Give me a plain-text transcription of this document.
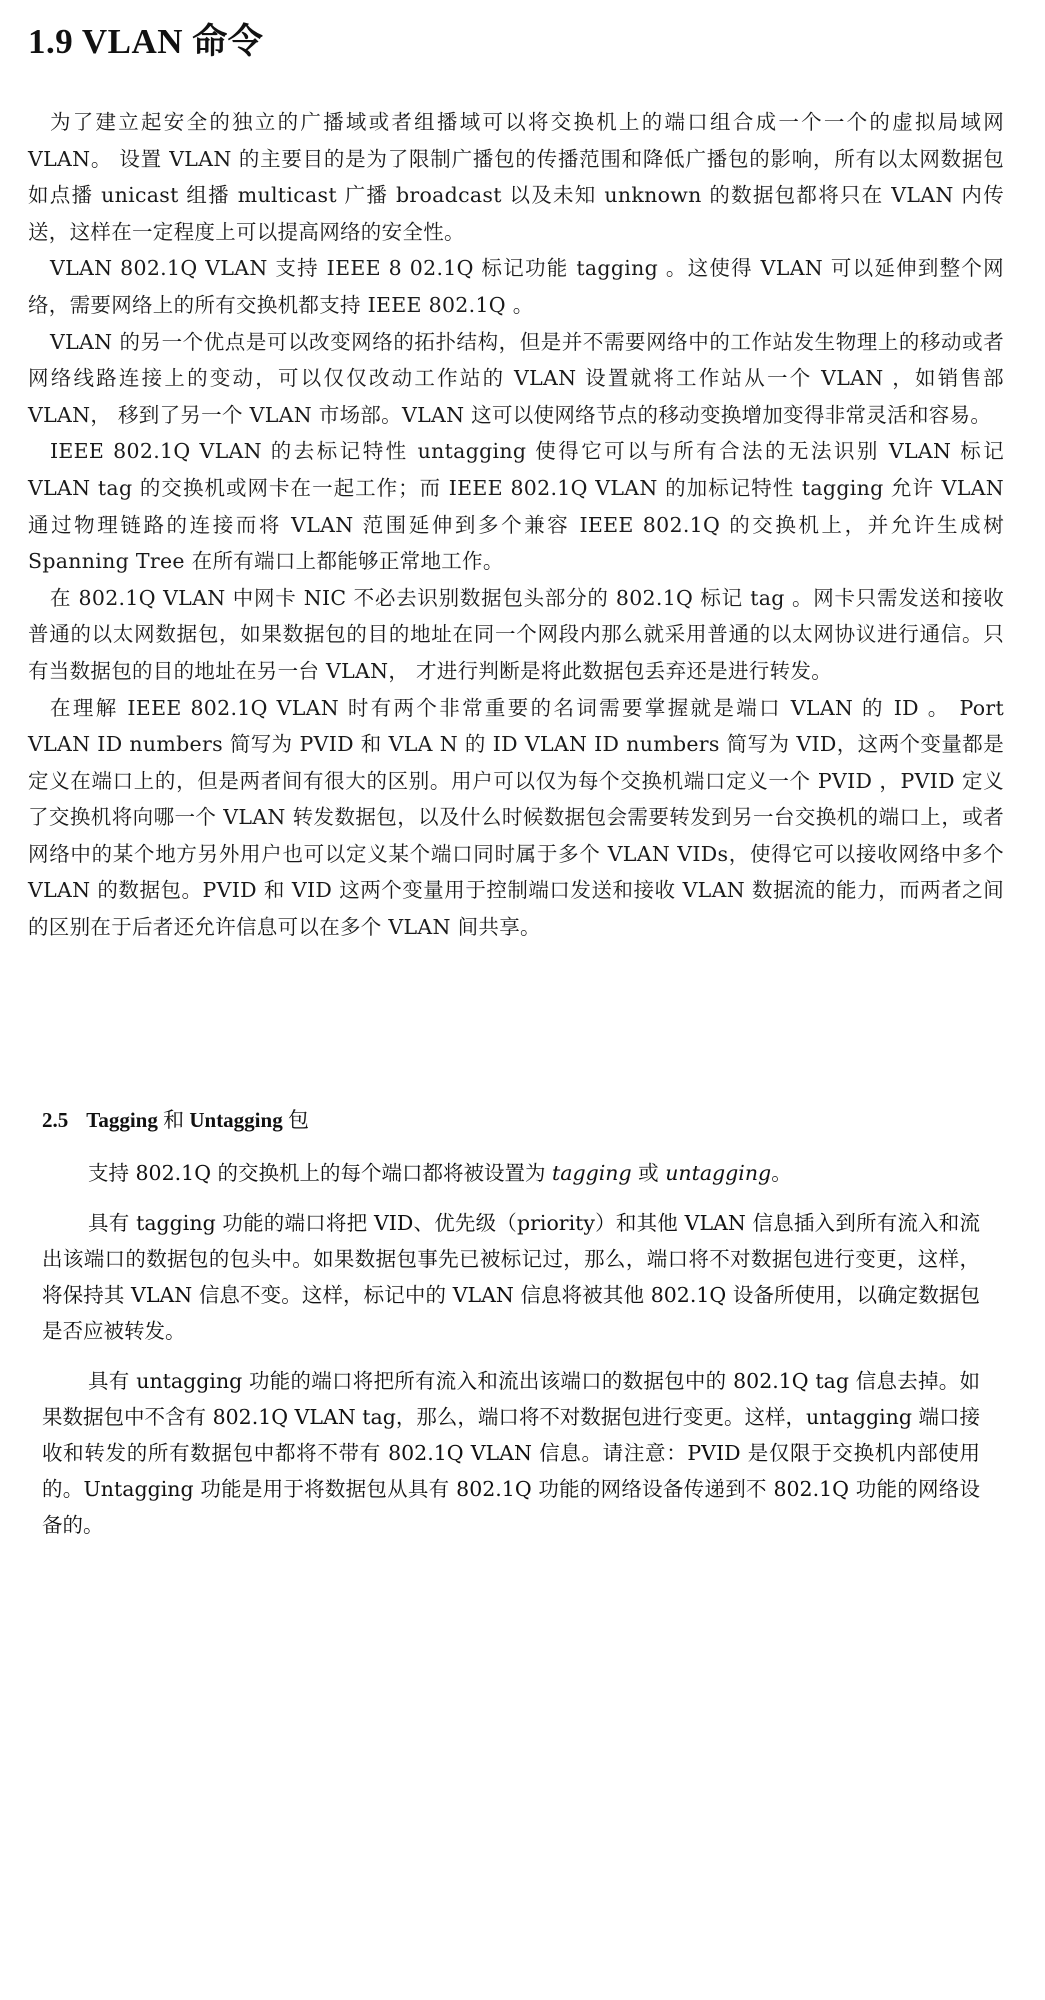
1.9 VLAN 命令

为了建立起安全的独立的广播域或者组播域可以将交换机上的端口组合成一个一个的虚拟局域网 VLAN。 设置 VLAN 的主要目的是为了限制广播包的传播范围和降低广播包的影响，所有以太网数据包如点播 unicast 组播 multicast 广播 broadcast 以及未知 unknown 的数据包都将只在 VLAN 内传送，这样在一定程度上可以提高网络的安全性。

VLAN 802.1Q VLAN 支持 IEEE 8 02.1Q 标记功能 tagging 。这使得 VLAN 可以延伸到整个网络，需要网络上的所有交换机都支持 IEEE 802.1Q 。

VLAN 的另一个优点是可以改变网络的拓扑结构，但是并不需要网络中的工作站发生物理上的移动或者网络线路连接上的变动，可以仅仅改动工作站的 VLAN 设置就将工作站从一个 VLAN ，如销售部 VLAN， 移到了另一个 VLAN 市场部。VLAN 这可以使网络节点的移动变换增加变得非常灵活和容易。

IEEE 802.1Q VLAN 的去标记特性 untagging 使得它可以与所有合法的无法识别 VLAN 标记 VLAN tag 的交换机或网卡在一起工作；而 IEEE 802.1Q VLAN 的加标记特性 tagging 允许 VLAN 通过物理链路的连接而将 VLAN 范围延伸到多个兼容 IEEE 802.1Q 的交换机上，并允许生成树 Spanning Tree 在所有端口上都能够正常地工作。

在 802.1Q VLAN 中网卡 NIC 不必去识别数据包头部分的 802.1Q 标记 tag 。网卡只需发送和接收普通的以太网数据包，如果数据包的目的地址在同一个网段内那么就采用普通的以太网协议进行通信。只有当数据包的目的地址在另一台 VLAN， 才进行判断是将此数据包丢弃还是进行转发。

在理解 IEEE 802.1Q VLAN 时有两个非常重要的名词需要掌握就是端口 VLAN 的 ID 。 Port VLAN ID numbers 简写为 PVID 和 VLA N 的 ID VLAN ID numbers 简写为 VID，这两个变量都是定义在端口上的，但是两者间有很大的区别。用户可以仅为每个交换机端口定义一个 PVID ，PVID 定义了交换机将向哪一个 VLAN 转发数据包，以及什么时候数据包会需要转发到另一台交换机的端口上，或者网络中的某个地方另外用户也可以定义某个端口同时属于多个 VLAN VIDs，使得它可以接收网络中多个 VLAN 的数据包。PVID 和 VID 这两个变量用于控制端口发送和接收 VLAN 数据流的能力，而两者之间的区别在于后者还允许信息可以在多个 VLAN 间共享。

2.5 Tagging 和 Untagging 包

支持 802.1Q 的交换机上的每个端口都将被设置为 tagging 或 untagging。

具有 tagging 功能的端口将把 VID、优先级（priority）和其他 VLAN 信息插入到所有流入和流出该端口的数据包的包头中。如果数据包事先已被标记过，那么，端口将不对数据包进行变更，这样，将保持其 VLAN 信息不变。这样，标记中的 VLAN 信息将被其他 802.1Q 设备所使用，以确定数据包是否应被转发。

具有 untagging 功能的端口将把所有流入和流出该端口的数据包中的 802.1Q tag 信息去掉。如果数据包中不含有 802.1Q VLAN tag，那么，端口将不对数据包进行变更。这样，untagging 端口接收和转发的所有数据包中都将不带有 802.1Q VLAN 信息。请注意：PVID 是仅限于交换机内部使用的。Untagging 功能是用于将数据包从具有 802.1Q 功能的网络设备传递到不 802.1Q 功能的网络设备的。
